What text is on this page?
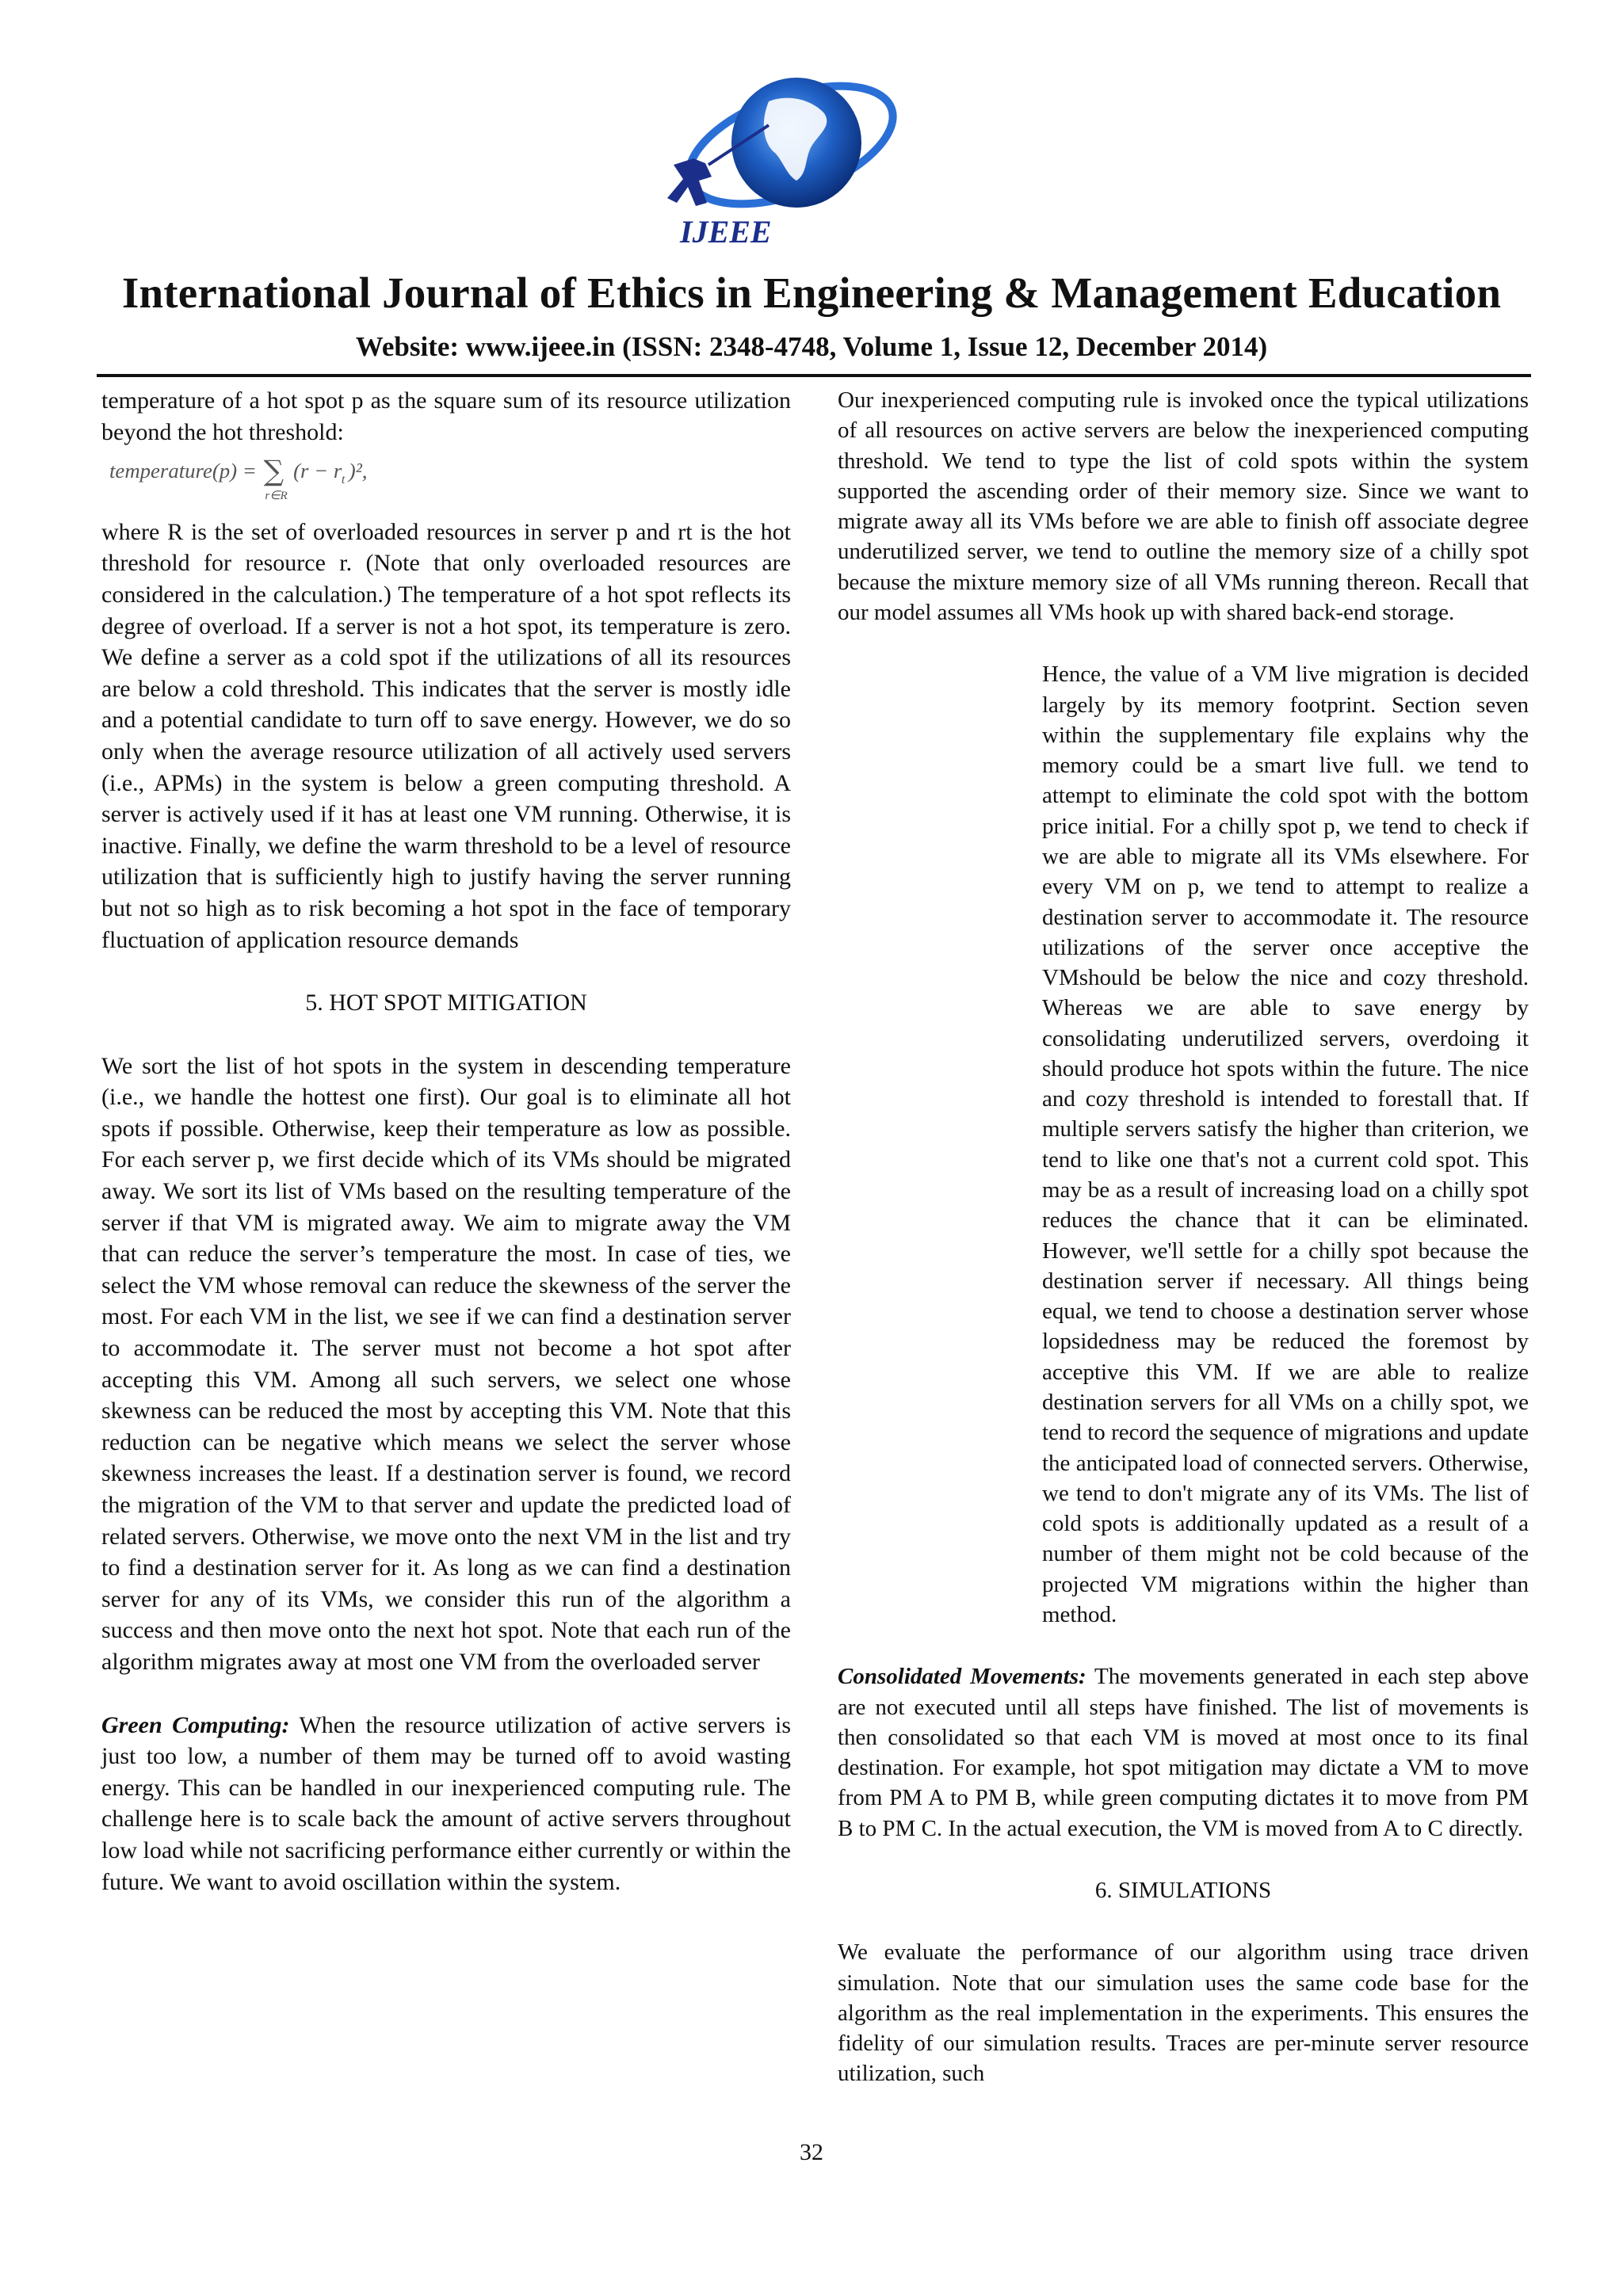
IJEEE
International Journal of Ethics in Engineering & Management Education

Website: www.ijeee.in (ISSN: 2348-4748, Volume 1, Issue 12, December 2014)

temperature of a hot spot p as the square sum of its resource utilization beyond the hot threshold:

temperature(p) = ∑
r∈R
(r − r t )²,

where R is the set of overloaded resources in server p and rt is the hot threshold for resource r. (Note that only overloaded resources are considered in the calculation.) The temperature of a hot spot reflects its degree of overload. If a server is not a hot spot, its temperature is zero. We define a server as a cold spot if the utilizations of all its resources are below a cold threshold. This indicates that the server is mostly idle and a potential candidate to turn off to save energy. However, we do so only when the average resource utilization of all actively used servers (i.e., APMs) in the system is below a green computing threshold. A server is actively used if it has at least one VM running. Otherwise, it is inactive. Finally, we define the warm threshold to be a level of resource utilization that is sufficiently high to justify having the server running but not so high as to risk becoming a hot spot in the face of temporary fluctuation of application resource demands

5. HOT SPOT MITIGATION

We sort the list of hot spots in the system in descending temperature (i.e., we handle the hottest one first). Our goal is to eliminate all hot spots if possible. Otherwise, keep their temperature as low as possible. For each server p, we first decide which of its VMs should be migrated away. We sort its list of VMs based on the resulting temperature of the server if that VM is migrated away. We aim to migrate away the VM that can reduce the server’s temperature the most. In case of ties, we select the VM whose removal can reduce the skewness of the server the most. For each VM in the list, we see if we can find a destination server to accommodate it. The server must not become a hot spot after accepting this VM. Among all such servers, we select one whose skewness can be reduced the most by accepting this VM. Note that this reduction can be negative which means we select the server whose skewness increases the least. If a destination server is found, we record the migration of the VM to that server and update the predicted load of related servers. Otherwise, we move onto the next VM in the list and try to find a destination server for it. As long as we can find a destination server for any of its VMs, we consider this run of the algorithm a success and then move onto the next hot spot. Note that each run of the algorithm migrates away at most one VM from the overloaded server

Green Computing: When the resource utilization of active servers is just too low, a number of them may be turned off to avoid wasting energy. This can be handled in our inexperienced computing rule. The challenge here is to scale back the amount of active servers throughout low load while not sacrificing performance either currently or within the future. We want to avoid oscillation within the system.

Our inexperienced computing rule is invoked once the typical utilizations of all resources on active servers are below the inexperienced computing threshold. We tend to type the list of cold spots within the system supported the ascending order of their memory size. Since we want to migrate away all its VMs before we are able to finish off associate degree underutilized server, we tend to outline the memory size of a chilly spot because the mixture memory size of all VMs running thereon. Recall that our model assumes all VMs hook up with shared back-end storage.

Hence, the value of a VM live migration is decided largely by its memory footprint. Section seven within the supplementary file explains why the memory could be a smart live full. we tend to attempt to eliminate the cold spot with the bottom price initial. For a chilly spot p, we tend to check if we are able to migrate all its VMs elsewhere. For every VM on p, we tend to attempt to realize a destination server to accommodate it. The resource utilizations of the server once acceptive the VMshould be below the nice and cozy threshold. Whereas we are able to save energy by consolidating underutilized servers, overdoing it should produce hot spots within the future. The nice and cozy threshold is intended to forestall that. If multiple servers satisfy the higher than criterion, we tend to like one that's not a current cold spot. This may be as a result of increasing load on a chilly spot reduces the chance that it can be eliminated. However, we'll settle for a chilly spot because the destination server if necessary. All things being equal, we tend to choose a destination server whose lopsidedness may be reduced the foremost by acceptive this VM. If we are able to realize destination servers for all VMs on a chilly spot, we tend to record the sequence of migrations and update the anticipated load of connected servers. Otherwise, we tend to don't migrate any of its VMs. The list of cold spots is additionally updated as a result of a number of them might not be cold because of the projected VM migrations within the higher than method.

Consolidated Movements: The movements generated in each step above are not executed until all steps have finished. The list of movements is then consolidated so that each VM is moved at most once to its final destination. For example, hot spot mitigation may dictate a VM to move from PM A to PM B, while green computing dictates it to move from PM B to PM C. In the actual execution, the VM is moved from A to C directly.

6. SIMULATIONS

We evaluate the performance of our algorithm using trace driven simulation. Note that our simulation uses the same code base for the algorithm as the real implementation in the experiments. This ensures the fidelity of our simulation results. Traces are per-minute server resource utilization, such

32
